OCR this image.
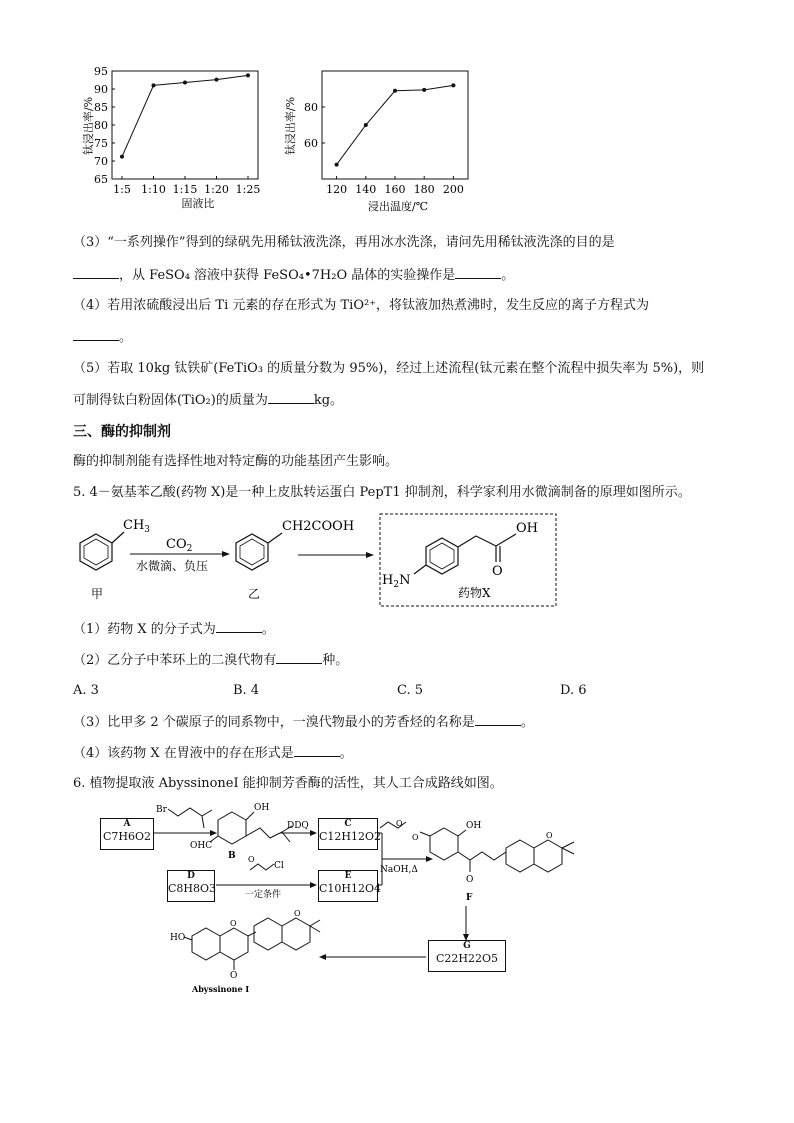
65
70
75
80
85
90
95
1:5 1:10 1:15 1:20 1:25
固液比
钛浸出率/%	60
80
120 140 160 180 200
浸出温度/℃
钛浸出率/%
（3）“一系列操作”得到的绿矾先用稀钛液洗涤，再用冰水洗涤，请问先用稀钛液洗涤的目的是
，从 FeSO₄ 溶液中获得 FeSO₄•7H₂O 晶体的实验操作是	。
（4）若用浓硫酸浸出后 Ti 元素的存在形式为 TiO²⁺，将钛液加热煮沸时，发生反应的离子方程式为
。
（5）若取 10kg 钛铁矿(FeTiO₃ 的质量分数为 95%)，经过上述流程(钛元素在整个流程中损失率为 5%)，则
可制得钛白粉固体(TiO₂)的质量为	kg。
三、酶的抑制剂
酶的抑制剂能有选择性地对特定酶的功能基团产生影响。
5. 4－氨基苯乙酸(药物 X)是一种上皮肽转运蛋白 PepT1 抑制剂，科学家利用水微滴制备的原理如图所示。
$CH_3$
甲
$CO_2$
水微滴、负压
CH2COOH
乙
$H_2N$
OH
O
药物X
（1）药物 X 的分子式为	。
（2）乙分子中苯环上的二溴代物有	种。
A. 3	B. 4	C. 5	D. 6
（3）比甲多 2 个碳原子的同系物中，一溴代物最小的芳香烃的名称是	。
（4）该药物 X 在胃液中的存在形式是	。
6. 植物提取液 AbyssinoneI 能抑制芳香酶的活性，其人工合成路线如图。
A
C7H6O2
C
C12H12O2
D
C8H8O3
E
C10H12O4
G
C22H22O5
Br	OH
OHC
B
DDQ
Cl
O
一定条件
NaOH,Δ
O
O
OH
O
O
F
HO
O
O
O
Abyssinone I
